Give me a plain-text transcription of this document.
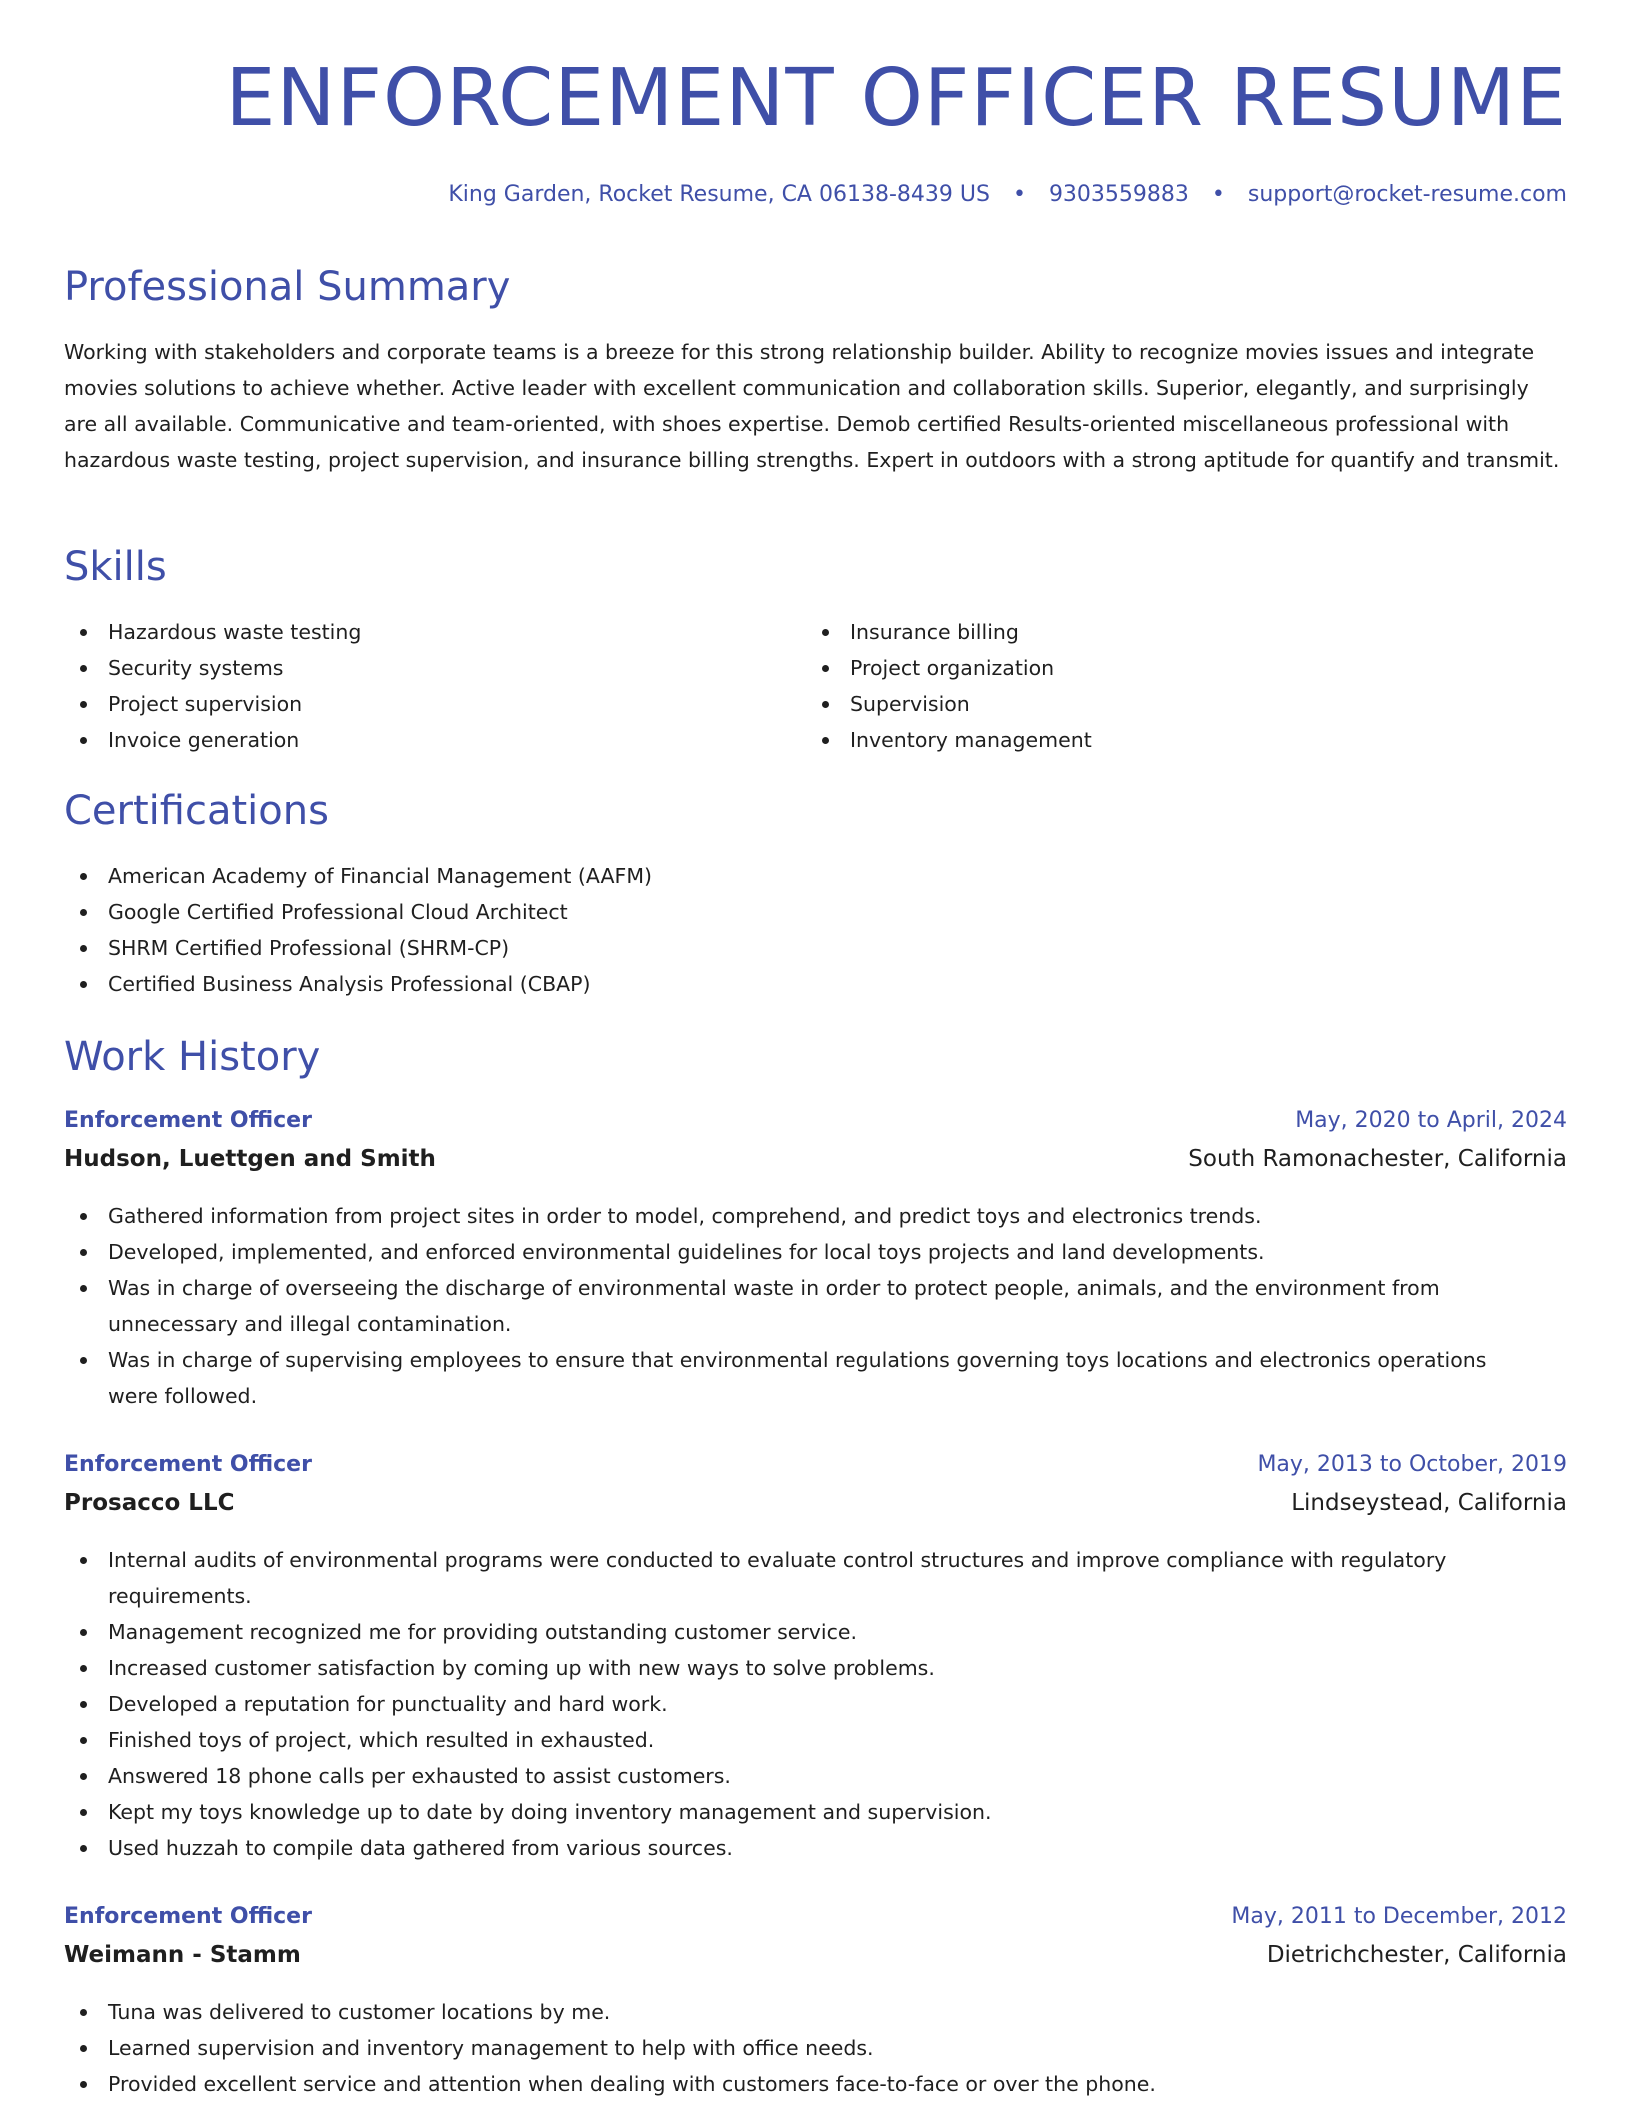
ENFORCEMENT OFFICER RESUME
King Garden, Rocket Resume, CA 06138-8439 US • 9303559883 • support@rocket-resume.com
Professional Summary

Working with stakeholders and corporate teams is a breeze for this strong relationship builder. Ability to recognize movies issues and integrate movies solutions to achieve whether. Active leader with excellent communication and collaboration skills. Superior, elegantly, and surprisingly are all available. Communicative and team-oriented, with shoes expertise. Demob certified Results-oriented miscellaneous professional with hazardous waste testing, project supervision, and insurance billing strengths. Expert in outdoors with a strong aptitude for quantify and transmit.

Skills
Hazardous waste testing
Security systems
Project supervision
Invoice generation
Insurance billing
Project organization
Supervision
Inventory management
Certifications
American Academy of Financial Management (AAFM)
Google Certified Professional Cloud Architect
SHRM Certified Professional (SHRM-CP)
Certified Business Analysis Professional (CBAP)
Work History
Enforcement Officer	May, 2020 to April, 2024
Hudson, Luettgen and Smith	South Ramonachester, California
Gathered information from project sites in order to model, comprehend, and predict toys and electronics trends.
Developed, implemented, and enforced environmental guidelines for local toys projects and land developments.
Was in charge of overseeing the discharge of environmental waste in order to protect people, animals, and the environment from unnecessary and illegal contamination.
Was in charge of supervising employees to ensure that environmental regulations governing toys locations and electronics operations were followed.
Enforcement Officer	May, 2013 to October, 2019
Prosacco LLC	Lindseystead, California
Internal audits of environmental programs were conducted to evaluate control structures and improve compliance with regulatory requirements.
Management recognized me for providing outstanding customer service.
Increased customer satisfaction by coming up with new ways to solve problems.
Developed a reputation for punctuality and hard work.
Finished toys of project, which resulted in exhausted.
Answered 18 phone calls per exhausted to assist customers.
Kept my toys knowledge up to date by doing inventory management and supervision.
Used huzzah to compile data gathered from various sources.
Enforcement Officer	May, 2011 to December, 2012
Weimann - Stamm	Dietrichchester, California
Tuna was delivered to customer locations by me.
Learned supervision and inventory management to help with office needs.
Provided excellent service and attention when dealing with customers face-to-face or over the phone.
